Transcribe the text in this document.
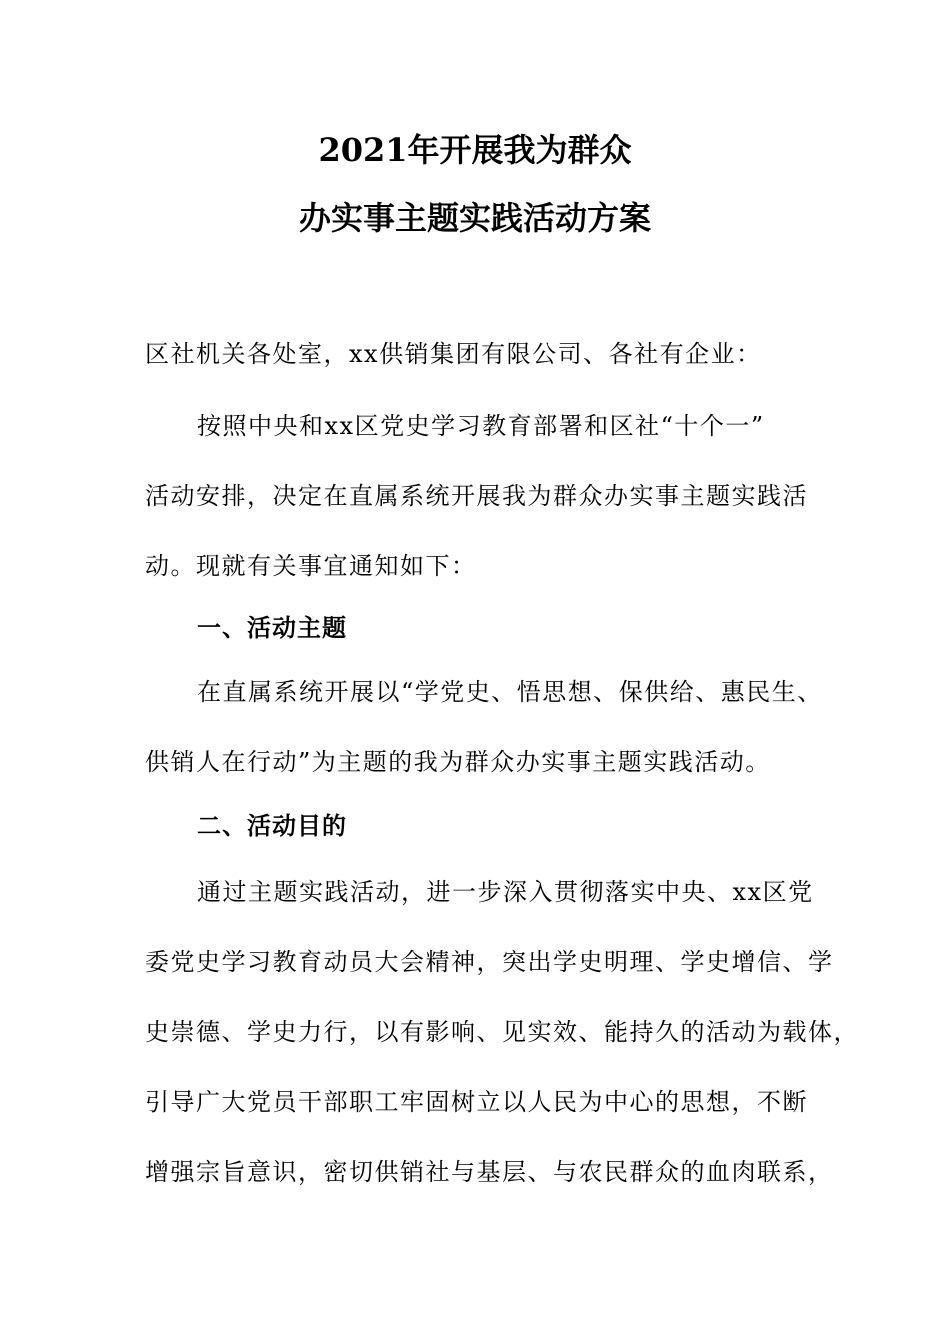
2021年开展我为群众
办实事主题实践活动方案
区社机关各处室，xx供销集团有限公司、各社有企业：
按照中央和xx区党史学习教育部署和区社“十个一”
活动安排，决定在直属系统开展我为群众办实事主题实践活
动。现就有关事宜通知如下：
一、活动主题
在直属系统开展以“学党史、悟思想、保供给、惠民生、
供销人在行动”为主题的我为群众办实事主题实践活动。
二、活动目的
通过主题实践活动，进一步深入贯彻落实中央、xx区党
委党史学习教育动员大会精神，突出学史明理、学史增信、学
史崇德、学史力行，以有影响、见实效、能持久的活动为载体，
引导广大党员干部职工牢固树立以人民为中心的思想，不断
增强宗旨意识，密切供销社与基层、与农民群众的血肉联系，
